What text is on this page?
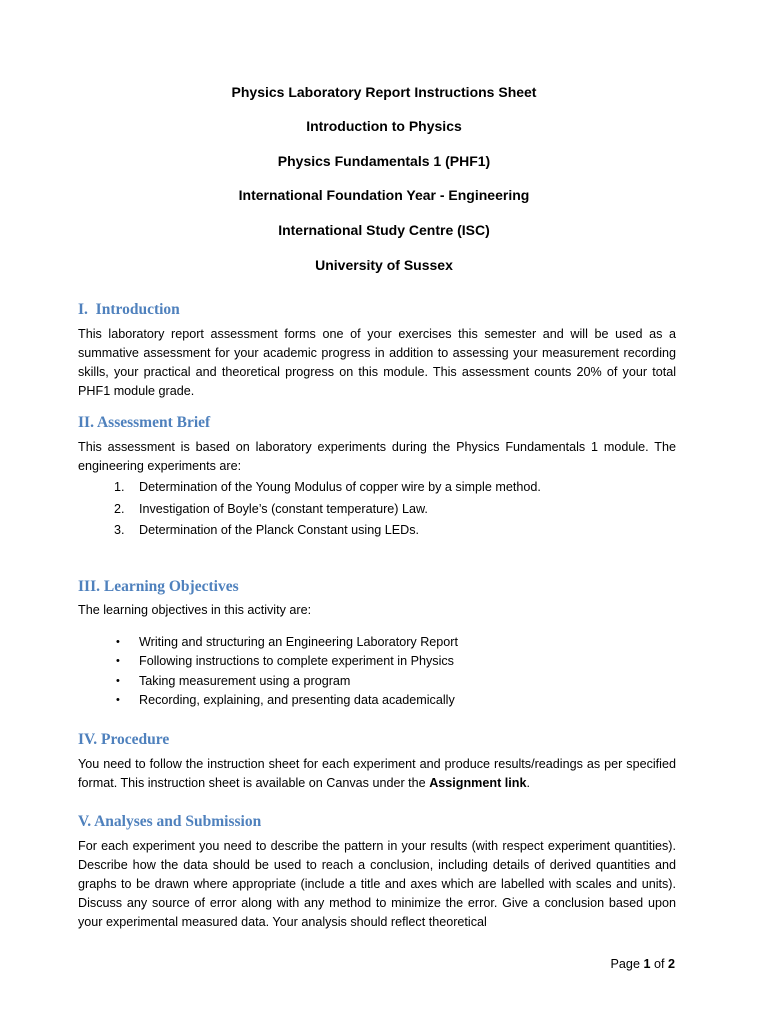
Physics Laboratory Report Instructions Sheet

Introduction to Physics

Physics Fundamentals 1 (PHF1)

International Foundation Year - Engineering

International Study Centre (ISC)

University of Sussex

I. Introduction

This laboratory report assessment forms one of your exercises this semester and will be used as a summative assessment for your academic progress in addition to assessing your measurement recording skills, your practical and theoretical progress on this module. This assessment counts 20% of your total PHF1 module grade.

II. Assessment Brief

This assessment is based on laboratory experiments during the Physics Fundamentals 1 module. The engineering experiments are:

1.	Determination of the Young Modulus of copper wire by a simple method.
2.	Investigation of Boyle’s (constant temperature) Law.
3.	Determination of the Planck Constant using LEDs.
III. Learning Objectives

The learning objectives in this activity are:

•	Writing and structuring an Engineering Laboratory Report
•	Following instructions to complete experiment in Physics
•	Taking measurement using a program
•	Recording, explaining, and presenting data academically
IV. Procedure

You need to follow the instruction sheet for each experiment and produce results/readings as per specified format. This instruction sheet is available on Canvas under the Assignment link.

V. Analyses and Submission

For each experiment you need to describe the pattern in your results (with respect experiment quantities). Describe how the data should be used to reach a conclusion, including details of derived quantities and graphs to be drawn where appropriate (include a title and axes which are labelled with scales and units). Discuss any source of error along with any method to minimize the error. Give a conclusion based upon your experimental measured data. Your analysis should reflect theoretical

Page 1 of 2
